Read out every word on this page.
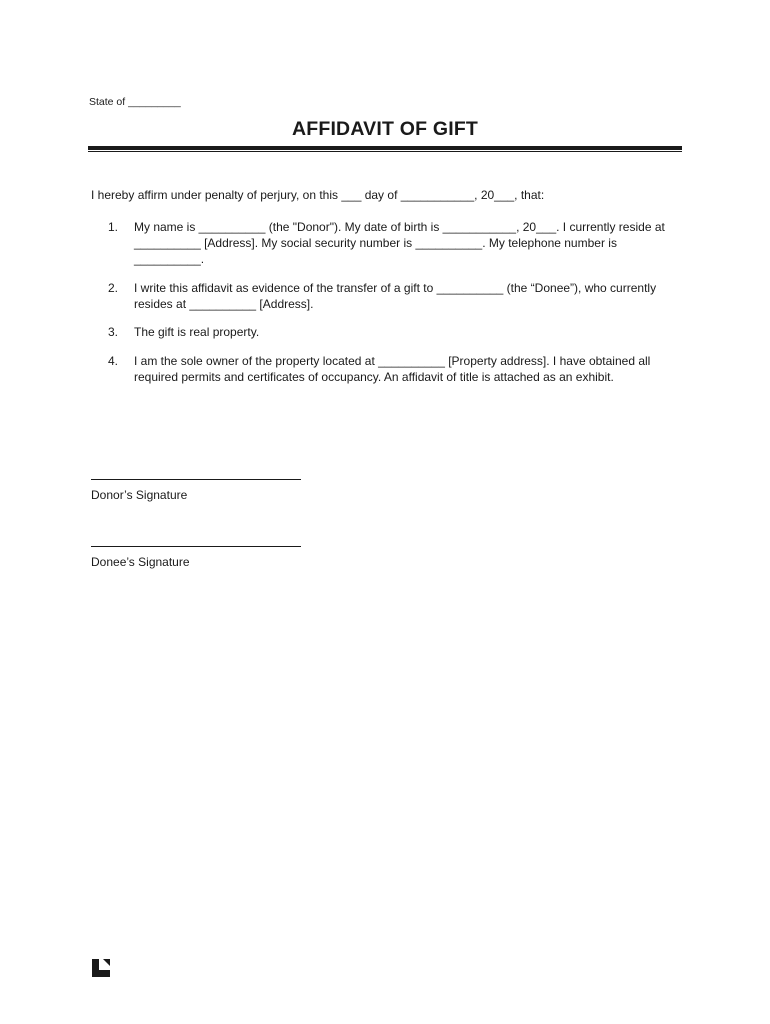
State of _________
AFFIDAVIT OF GIFT
I hereby affirm under penalty of perjury, on this ___ day of ___________, 20___, that:
1.	My name is __________ (the "Donor"). My date of birth is ___________, 20___. I currently reside at __________ [Address]. My social security number is __________. My telephone number is __________.
2.	I write this affidavit as evidence of the transfer of a gift to __________ (the “Donee”), who currently resides at __________ [Address].
3.	The gift is real property.
4.	I am the sole owner of the property located at __________ [Property address]. I have obtained all required permits and certificates of occupancy. An affidavit of title is attached as an exhibit.
Donor’s Signature
Donee’s Signature
